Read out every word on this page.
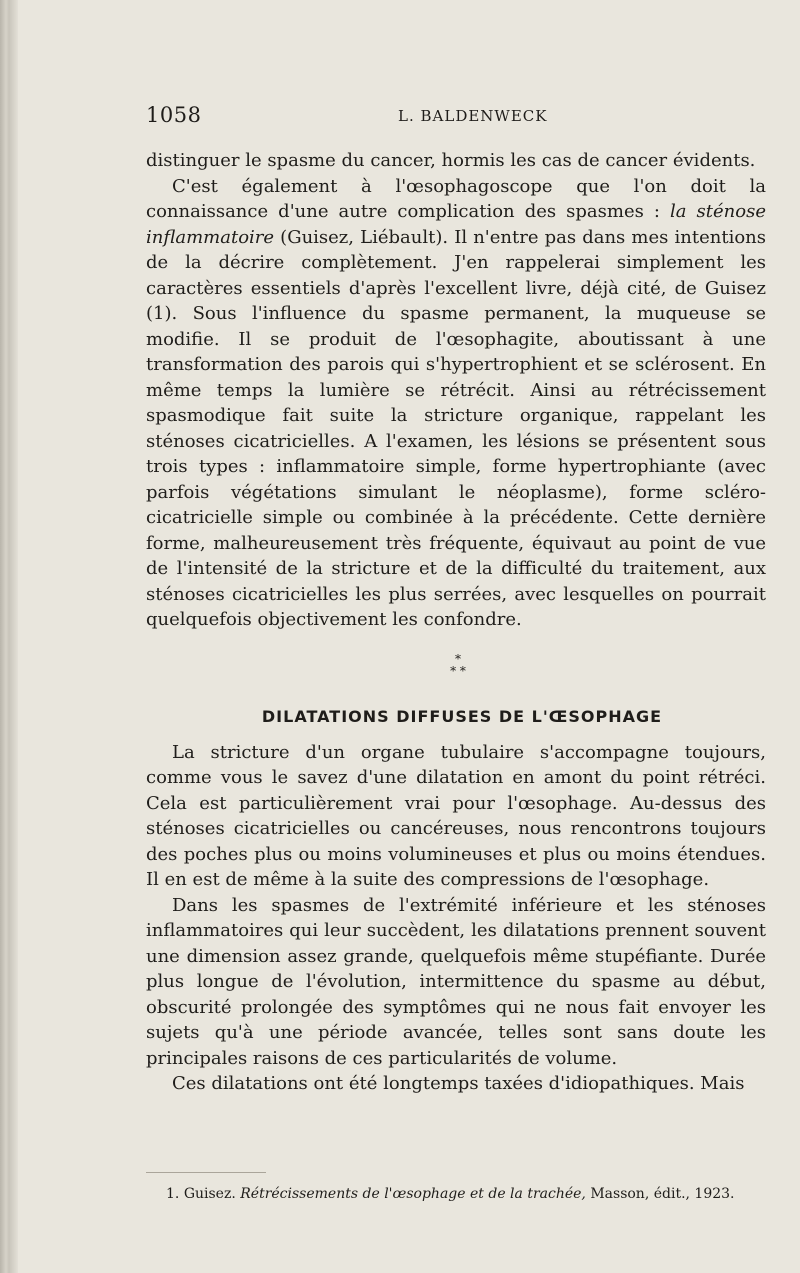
1058	L. BALDENWECK

distinguer le spasme du cancer, hormis les cas de cancer évidents.

C'est également à l'œsophagoscope que l'on doit la connaissance d'une autre complication des spasmes : la sténose inflammatoire (Guisez, Liébault). Il n'entre pas dans mes intentions de la décrire complètement. J'en rappelerai simplement les caractères essentiels d'après l'excellent livre, déjà cité, de Guisez (1). Sous l'influence du spasme permanent, la muqueuse se modifie. Il se produit de l'œsophagite, aboutissant à une transformation des parois qui s'hypertrophient et se sclérosent. En même temps la lumière se rétrécit. Ainsi au rétrécissement spasmodique fait suite la stricture organique, rappelant les sténoses cicatricielles. A l'examen, les lésions se présentent sous trois types : inflammatoire simple, forme hypertrophiante (avec parfois végétations simulant le néoplasme), forme scléro-cicatricielle simple ou combinée à la précédente. Cette dernière forme, malheureusement très fréquente, équivaut au point de vue de l'intensité de la stricture et de la difficulté du traitement, aux sténoses cicatricielles les plus serrées, avec lesquelles on pourrait quelquefois objectivement les confondre.

*
* *
DILATATIONS DIFFUSES DE L'ŒSOPHAGE

La stricture d'un organe tubulaire s'accompagne toujours, comme vous le savez d'une dilatation en amont du point rétréci. Cela est particulièrement vrai pour l'œsophage. Au-dessus des sténoses cicatricielles ou cancéreuses, nous rencontrons toujours des poches plus ou moins volumineuses et plus ou moins étendues. Il en est de même à la suite des compressions de l'œsophage.

Dans les spasmes de l'extrémité inférieure et les sténoses inflammatoires qui leur succèdent, les dilatations prennent souvent une dimension assez grande, quelquefois même stupéfiante. Durée plus longue de l'évolution, intermittence du spasme au début, obscurité prolongée des symptômes qui ne nous fait envoyer les sujets qu'à une période avancée, telles sont sans doute les principales raisons de ces particularités de volume.

Ces dilatations ont été longtemps taxées d'idiopathiques. Mais

1. Guisez. Rétrécissements de l'œsophage et de la trachée, Masson, édit., 1923.
